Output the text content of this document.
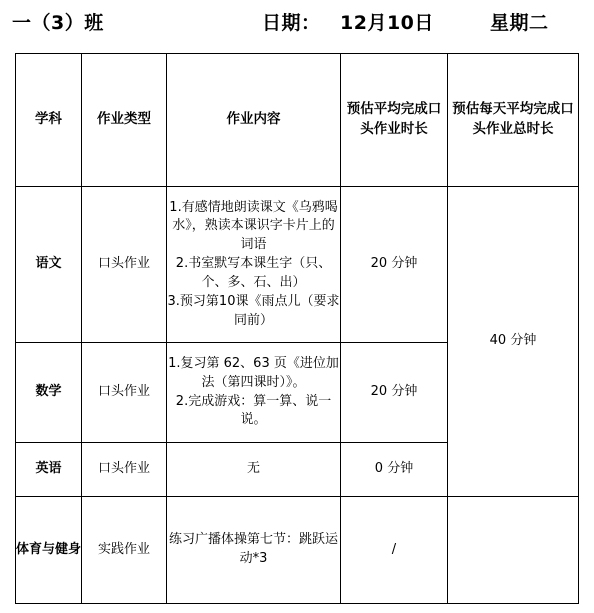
一（3）班	日期： 12月10日	星期二
学科	作业类型	作业内容	预估平均完成口头作业时长	预估每天平均完成口头作业总时长
语文	口头作业	1.有感情地朗读课文《乌鸦喝水》，熟读本课识字卡片上的词语
2.书室默写本课生字（只、个、多、石、出）
3.预习第10课《雨点儿（要求同前）	20 分钟	40 分钟
数学	口头作业	1.复习第 62、63 页《进位加法（第四课时）》。
2.完成游戏：算一算、说一说。	20 分钟	
英语	口头作业	无	0 分钟	
体育与健身	实践作业	练习广播体操第七节：跳跃运动*3	/	
